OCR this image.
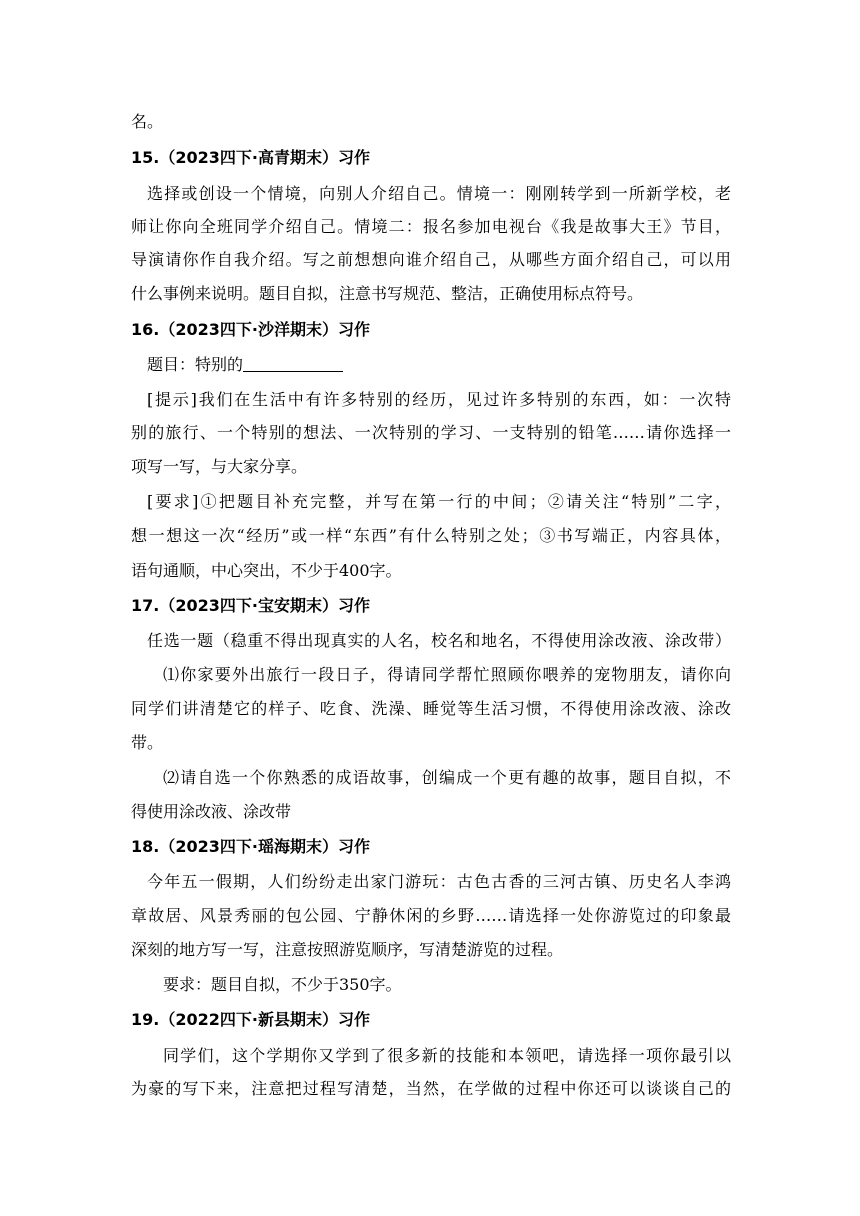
名。
15.（2023四下·高青期末）习作
选择或创设一个情境，向别人介绍自己。情境一：刚刚转学到一所新学校，老
师让你向全班同学介绍自己。情境二：报名参加电视台《我是故事大王》节目，
导演请你作自我介绍。写之前想想向谁介绍自己，从哪些方面介绍自己，可以用
什么事例来说明。题目自拟，注意书写规范、整洁，正确使用标点符号。
16.（2023四下·沙洋期末）习作
题目：特别的
[提示]我们在生活中有许多特别的经历，见过许多特别的东西，如：一次特
别的旅行、一个特别的想法、一次特别的学习、一支特别的铅笔……请你选择一
项写一写，与大家分享。
[要求]①把题目补充完整，并写在第一行的中间；②请关注“特别”二字，
想一想这一次“经历”或一样“东西”有什么特别之处；③书写端正，内容具体，
语句通顺，中心突出，不少于400字。
17.（2023四下·宝安期末）习作
任选一题（稳重不得出现真实的人名，校名和地名，不得使用涂改液、涂改带）
⑴你家要外出旅行一段日子，得请同学帮忙照顾你喂养的宠物朋友，请你向
同学们讲清楚它的样子、吃食、洗澡、睡觉等生活习惯，不得使用涂改液、涂改
带。
⑵请自选一个你熟悉的成语故事，创编成一个更有趣的故事，题目自拟，不
得使用涂改液、涂改带
18.（2023四下·瑶海期末）习作
今年五一假期，人们纷纷走出家门游玩：古色古香的三河古镇、历史名人李鸿
章故居、风景秀丽的包公园、宁静休闲的乡野……请选择一处你游览过的印象最
深刻的地方写一写，注意按照游览顺序，写清楚游览的过程。
要求：题目自拟，不少于350字。
19.（2022四下·新县期末）习作
同学们，这个学期你又学到了很多新的技能和本领吧，请选择一项你最引以
为豪的写下来，注意把过程写清楚，当然，在学做的过程中你还可以谈谈自己的
